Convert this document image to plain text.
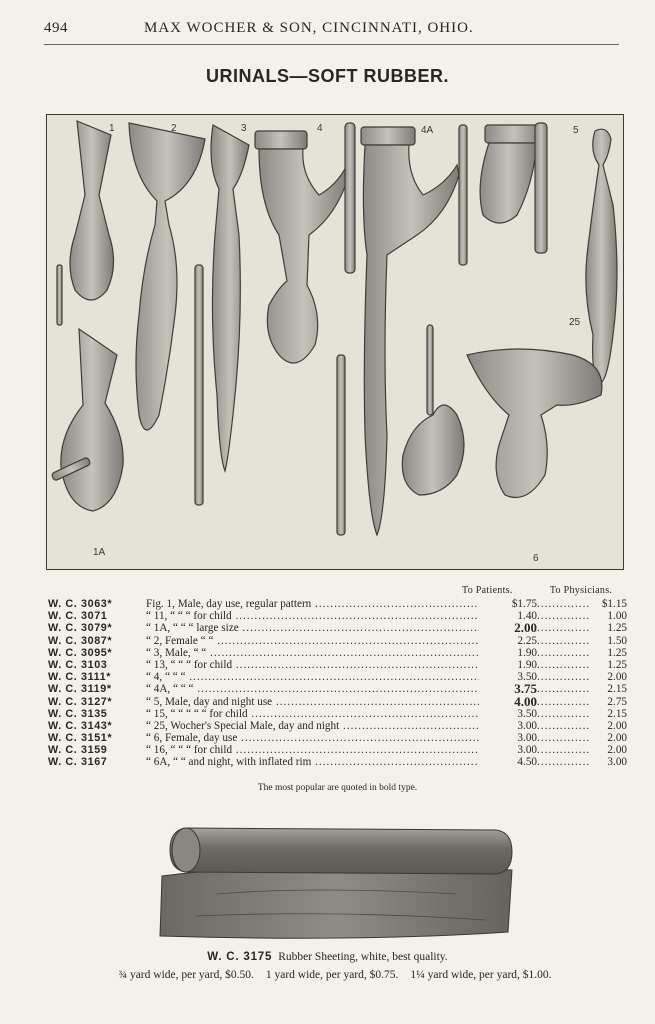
494	MAX WOCHER & SON, CINCINNATI, OHIO.
URINALS—SOFT RUBBER.
1	2	3	4	4A	5
25
1A
6
To Patients.	To Physicians.
W. C. 3063*	Fig. 1, Male, day use, regular pattern .....	$1.75 .....	$1.15
W. C. 3071	“ 11, “ “ “ for child .....	1.40 .....	1.00
W. C. 3079*	“ 1A, “ “ “ large size .....	2.00 .....	1.25
W. C. 3087*	“ 2, Female “ “ .....	2.25 .....	1.50
W. C. 3095*	“ 3, Male, “ “ .....	1.90 .....	1.25
W. C. 3103	“ 13, “ “ “ for child .....	1.90 .....	1.25
W. C. 3111*	“ 4, “ “ “ .....	3.50 .....	2.00
W. C. 3119*	“ 4A, “ “ “ .....	3.75 .....	2.15
W. C. 3127*	“ 5, Male, day and night use .....	4.00 .....	2.75
W. C. 3135	“ 15, “ “ “ “ “ for child .....	3.50 .....	2.15
W. C. 3143*	“ 25, Wocher's Special Male, day and night .....	3.00 .....	2.00
W. C. 3151*	“ 6, Female, day use .....	3.00 .....	2.00
W. C. 3159	“ 16, “ “ “ for child .....	3.00 .....	2.00
W. C. 3167	“ 6A, “ “ and night, with inflated rim .....	4.50 .....	3.00
The most popular are quoted in bold type.
W. C. 3175 Rubber Sheeting, white, best quality.
¾ yard wide, per yard, $0.50. 1 yard wide, per yard, $0.75. 1¼ yard wide, per yard, $1.00.
